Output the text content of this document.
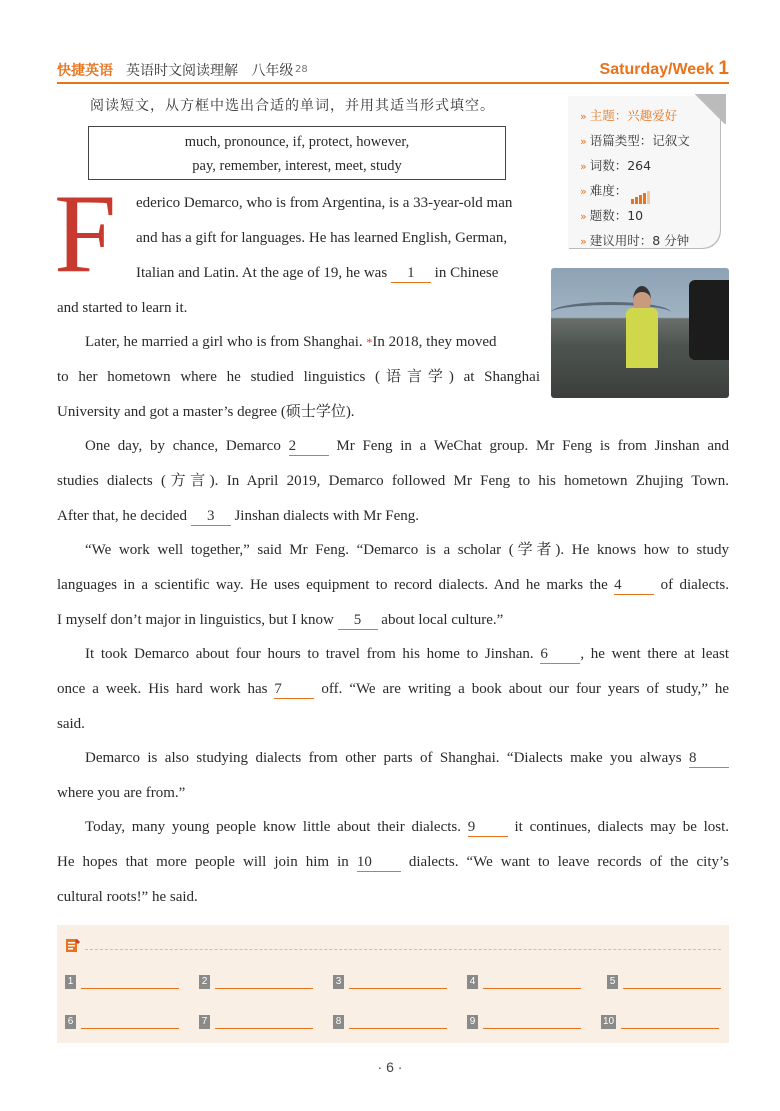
快捷英语 英语时文阅读理解 八年级 28	Saturday/Week 1
阅读短文，从方框中选出合适的单词，并用其适当形式填空。
much, pronounce, if, protect, however,
pay, remember, interest, meet, study
» 主题：兴趣爱好
» 语篇类型：记叙文
» 词数：264
» 难度：
» 题数：10
» 建议用时：8 分钟
F ederico Demarco, who is from Argentina, is a 33-year-old man
and has a gift for languages. He has learned English, German,
Italian and Latin. At the age of 19, he was 1 in Chinese
and started to learn it.
Later, he married a girl who is from Shanghai. *In 2018, they moved
to her hometown where he studied linguistics (语言学) at Shanghai
University and got a master’s degree (硕士学位).
One day, by chance, Demarco 2	Mr Feng in a WeChat group. Mr Feng is from Jinshan and
studies dialects (方言). In April 2019, Demarco followed Mr Feng to his hometown Zhujing Town.
After that, he decided 3 Jinshan dialects with Mr Feng.
“We work well together,” said Mr Feng. “Demarco is a scholar (学者). He knows how to study
languages in a scientific way. He uses equipment to record dialects. And he marks the 4	of dialects.
I myself don’t major in linguistics, but I know 5 about local culture.”
It took Demarco about four hours to travel from his home to Jinshan. 6 , he went there at least
once a week. His hard work has 7	off. “We are writing a book about our four years of study,” he
said.
Demarco is also studying dialects from other parts of Shanghai. “Dialects make you always 8
where you are from.”
Today, many young people know little about their dialects. 9	it continues, dialects may be lost.
He hopes that more people will join him in 10 dialects. “We want to leave records of the city’s
cultural roots!” he said.
1	2	3	4	5
6	7	8	9	10
· 6 ·
